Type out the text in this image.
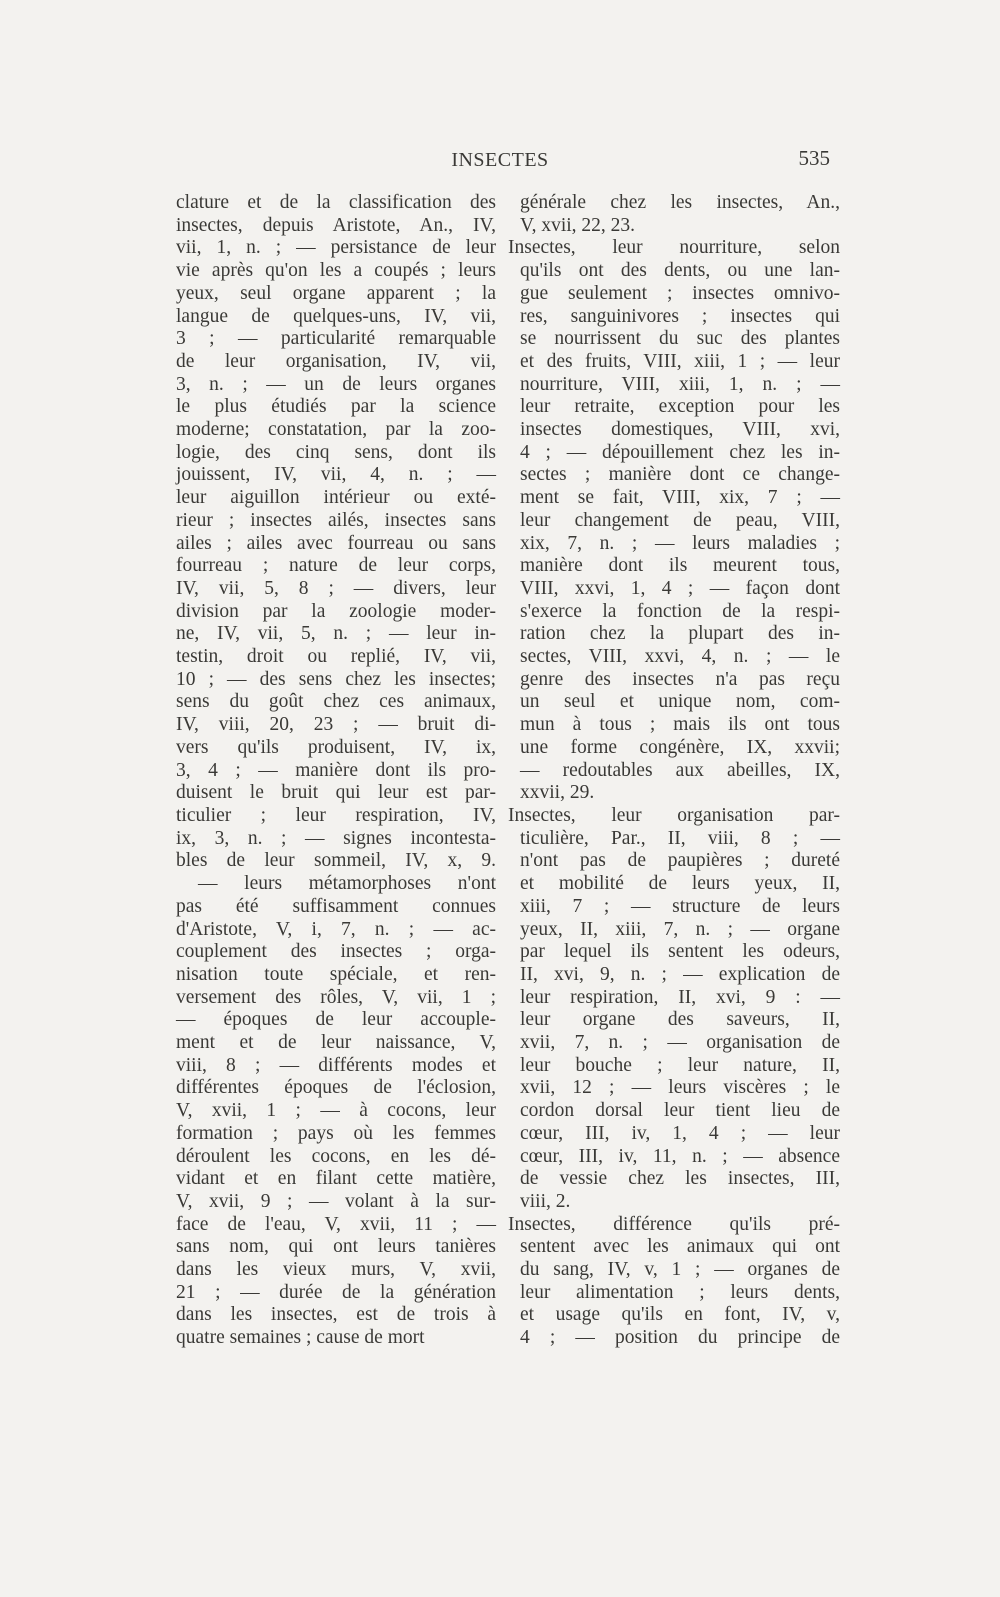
INSECTES	535
clature et de la classification des
insectes, depuis Aristote, An., IV,
vii, 1, n. ; — persistance de leur
vie après qu'on les a coupés ; leurs
yeux, seul organe apparent ; la
langue de quelques-uns, IV, vii,
3 ; — particularité remarquable
de leur organisation, IV, vii,
3, n. ; — un de leurs organes
le plus étudiés par la science
moderne; constatation, par la zoo-
logie, des cinq sens, dont ils
jouissent, IV, vii, 4, n. ; —
leur aiguillon intérieur ou exté-
rieur ; insectes ailés, insectes sans
ailes ; ailes avec fourreau ou sans
fourreau ; nature de leur corps,
IV, vii, 5, 8 ; — divers, leur
division par la zoologie moder-
ne, IV, vii, 5, n. ; — leur in-
testin, droit ou replié, IV, vii,
10 ; — des sens chez les insectes;
sens du goût chez ces animaux,
IV, viii, 20, 23 ; — bruit di-
vers qu'ils produisent, IV, ix,
3, 4 ; — manière dont ils pro-
duisent le bruit qui leur est par-
ticulier ; leur respiration, IV,
ix, 3, n. ; — signes incontesta-
bles de leur sommeil, IV, x, 9.
— leurs métamorphoses n'ont
pas été suffisamment connues
d'Aristote, V, i, 7, n. ; — ac-
couplement des insectes ; orga-
nisation toute spéciale, et ren-
versement des rôles, V, vii, 1 ;
— époques de leur accouple-
ment et de leur naissance, V,
viii, 8 ; — différents modes et
différentes époques de l'éclosion,
V, xvii, 1 ; — à cocons, leur
formation ; pays où les femmes
déroulent les cocons, en les dé-
vidant et en filant cette matière,
V, xvii, 9 ; — volant à la sur-
face de l'eau, V, xvii, 11 ; —
sans nom, qui ont leurs tanières
dans les vieux murs, V, xvii,
21 ; — durée de la génération
dans les insectes, est de trois à
quatre semaines ; cause de mort
générale chez les insectes, An.,
V, xvii, 22, 23.
Insectes, leur nourriture, selon
qu'ils ont des dents, ou une lan-
gue seulement ; insectes omnivo-
res, sanguinivores ; insectes qui
se nourrissent du suc des plantes
et des fruits, VIII, xiii, 1 ; — leur
nourriture, VIII, xiii, 1, n. ; —
leur retraite, exception pour les
insectes domestiques, VIII, xvi,
4 ; — dépouillement chez les in-
sectes ; manière dont ce change-
ment se fait, VIII, xix, 7 ; —
leur changement de peau, VIII,
xix, 7, n. ; — leurs maladies ;
manière dont ils meurent tous,
VIII, xxvi, 1, 4 ; — façon dont
s'exerce la fonction de la respi-
ration chez la plupart des in-
sectes, VIII, xxvi, 4, n. ; — le
genre des insectes n'a pas reçu
un seul et unique nom, com-
mun à tous ; mais ils ont tous
une forme congénère, IX, xxvii;
— redoutables aux abeilles, IX,
xxvii, 29.
Insectes, leur organisation par-
ticulière, Par., II, viii, 8 ; —
n'ont pas de paupières ; dureté
et mobilité de leurs yeux, II,
xiii, 7 ; — structure de leurs
yeux, II, xiii, 7, n. ; — organe
par lequel ils sentent les odeurs,
II, xvi, 9, n. ; — explication de
leur respiration, II, xvi, 9 : —
leur organe des saveurs, II,
xvii, 7, n. ; — organisation de
leur bouche ; leur nature, II,
xvii, 12 ; — leurs viscères ; le
cordon dorsal leur tient lieu de
cœur, III, iv, 1, 4 ; — leur
cœur, III, iv, 11, n. ; — absence
de vessie chez les insectes, III,
viii, 2.
Insectes, différence qu'ils pré-
sentent avec les animaux qui ont
du sang, IV, v, 1 ; — organes de
leur alimentation ; leurs dents,
et usage qu'ils en font, IV, v,
4 ; — position du principe de
